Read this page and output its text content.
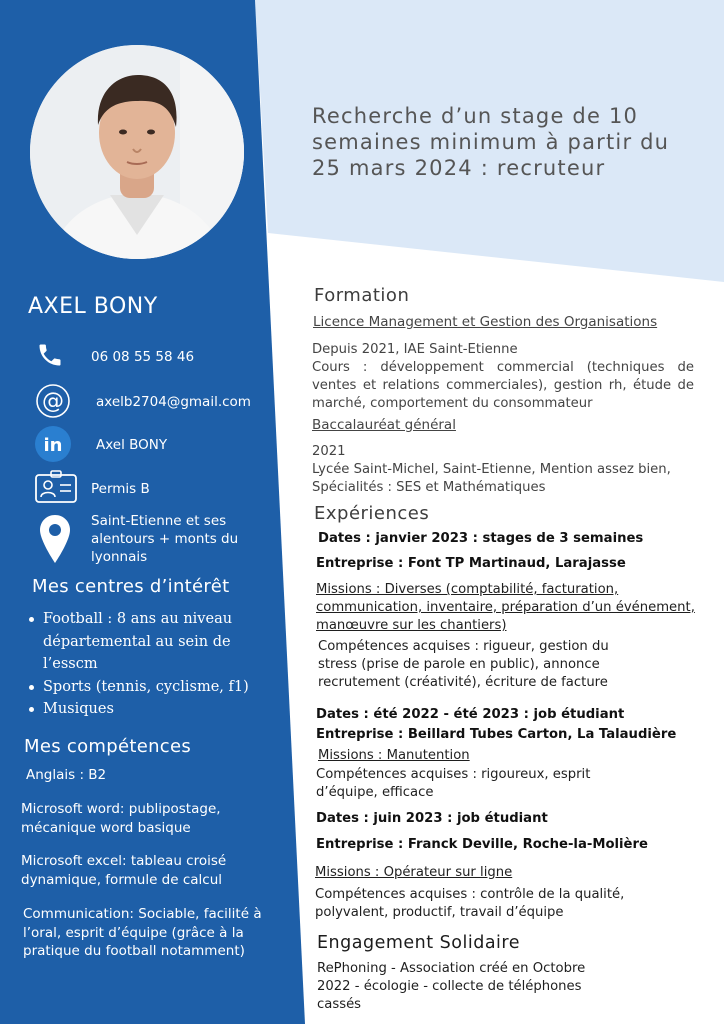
AXEL BONY
06 08 55 58 46
@ axelb2704@gmail.com
in Axel BONY
Permis B
Saint-Etienne et ses alentours + monts du lyonnais
Mes centres d’intérêt
Football : 8 ans au niveau départemental au sein de l’esscm
Sports (tennis, cyclisme, f1)
Musiques
Mes compétences
Anglais : B2
Microsoft word: publipostage, mécanique word basique
Microsoft excel: tableau croisé dynamique, formule de calcul
Communication: Sociable, facilité à l’oral, esprit d’équipe (grâce à la pratique du football notamment)
Recherche d’un stage de 10 semaines minimum à partir du 25 mars 2024 : recruteur
Formation
Licence Management et Gestion des Organisations
Depuis 2021, IAE Saint-Etienne
Cours : développement commercial (techniques de ventes et relations commerciales), gestion rh, étude de marché, comportement du consommateur
Baccalauréat général
2021
Lycée Saint-Michel, Saint-Etienne, Mention assez bien, Spécialités : SES et Mathématiques
Expériences
Dates : janvier 2023 : stages de 3 semaines
Entreprise : Font TP Martinaud, Larajasse
Missions : Diverses (comptabilité, facturation, communication, inventaire, préparation d’un événement, manœuvre sur les chantiers)
Compétences acquises : rigueur, gestion du stress (prise de parole en public), annonce recrutement (créativité), écriture de facture
Dates : été 2022 - été 2023 : job étudiant
Entreprise : Beillard Tubes Carton, La Talaudière
Missions : Manutention
Compétences acquises : rigoureux, esprit d’équipe, efficace
Dates : juin 2023 : job étudiant
Entreprise : Franck Deville, Roche-la-Molière
Missions : Opérateur sur ligne
Compétences acquises : contrôle de la qualité, polyvalent, productif, travail d’équipe
Engagement Solidaire
RePhoning - Association créé en Octobre 2022 - écologie - collecte de téléphones cassés
